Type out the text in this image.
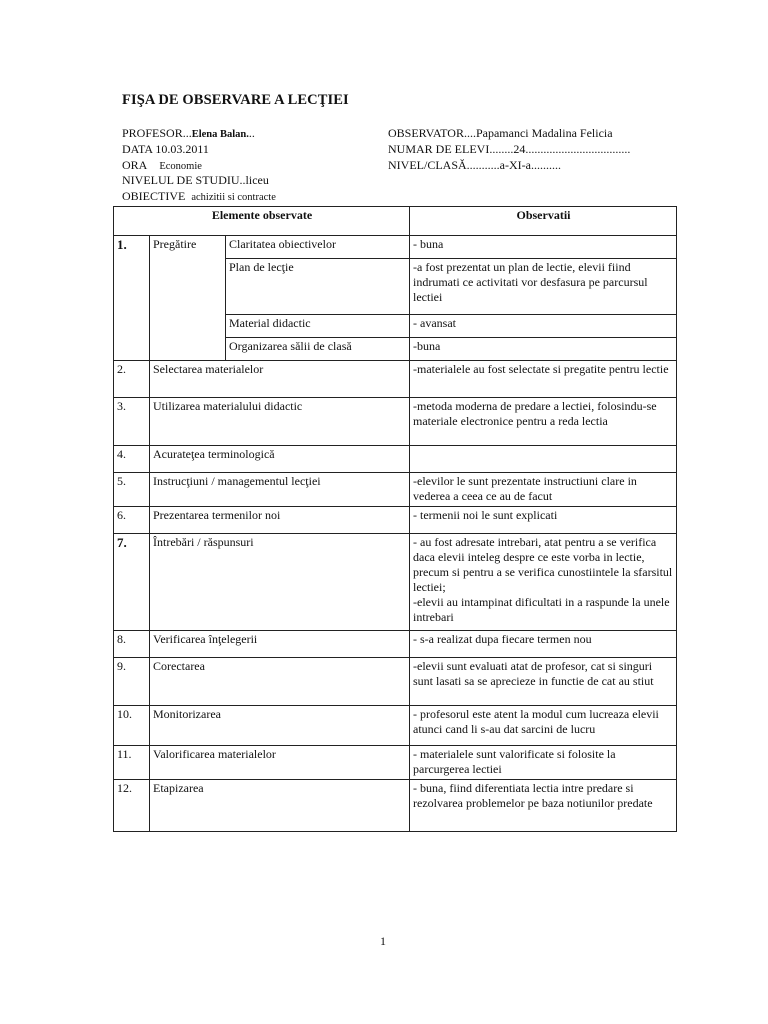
FIŞA DE OBSERVARE A LECŢIEI
PROFESOR...Elena Balan...
DATA 10.03.2011
ORA Economie
NIVELUL DE STUDIU..liceu
OBIECTIVE achizitii si contracte
OBSERVATOR....Papamanci Madalina Felicia
NUMAR DE ELEVI........24...................................
NIVEL/CLASĂ...........a-XI-a..........
Elemente observate			Observatii
1.	Pregătire	Claritatea obiectivelor	- buna
		Plan de lecţie	-a fost prezentat un plan de lectie, elevii fiind indrumati ce activitati vor desfasura pe parcursul lectiei
		Material didactic	- avansat
		Organizarea sălii de clasă	-buna
2.	Selectarea materialelor		-materialele au fost selectate si pregatite pentru lectie
3.	Utilizarea materialului didactic		-metoda moderna de predare a lectiei, folosindu-se materiale electronice pentru a reda lectia
4.	Acurateţea terminologică		
5.	Instrucţiuni / managementul lecţiei		-elevilor le sunt prezentate instructiuni clare in vederea a ceea ce au de facut
6.	Prezentarea termenilor noi		- termenii noi le sunt explicati
7.	Întrebări / răspunsuri		- au fost adresate intrebari, atat pentru a se verifica daca elevii inteleg despre ce este vorba in lectie, precum si pentru a se verifica cunostiintele la sfarsitul lectiei;
-elevii au intampinat dificultati in a raspunde la unele intrebari
8.	Verificarea înţelegerii		- s-a realizat dupa fiecare termen nou
9.	Corectarea		-elevii sunt evaluati atat de profesor, cat si singuri sunt lasati sa se aprecieze in functie de cat au stiut
10.	Monitorizarea		- profesorul este atent la modul cum lucreaza elevii atunci cand li s-au dat sarcini de lucru
11.	Valorificarea materialelor		- materialele sunt valorificate si folosite la parcurgerea lectiei
12.	Etapizarea		- buna, fiind diferentiata lectia intre predare si rezolvarea problemelor pe baza notiunilor predate
1
